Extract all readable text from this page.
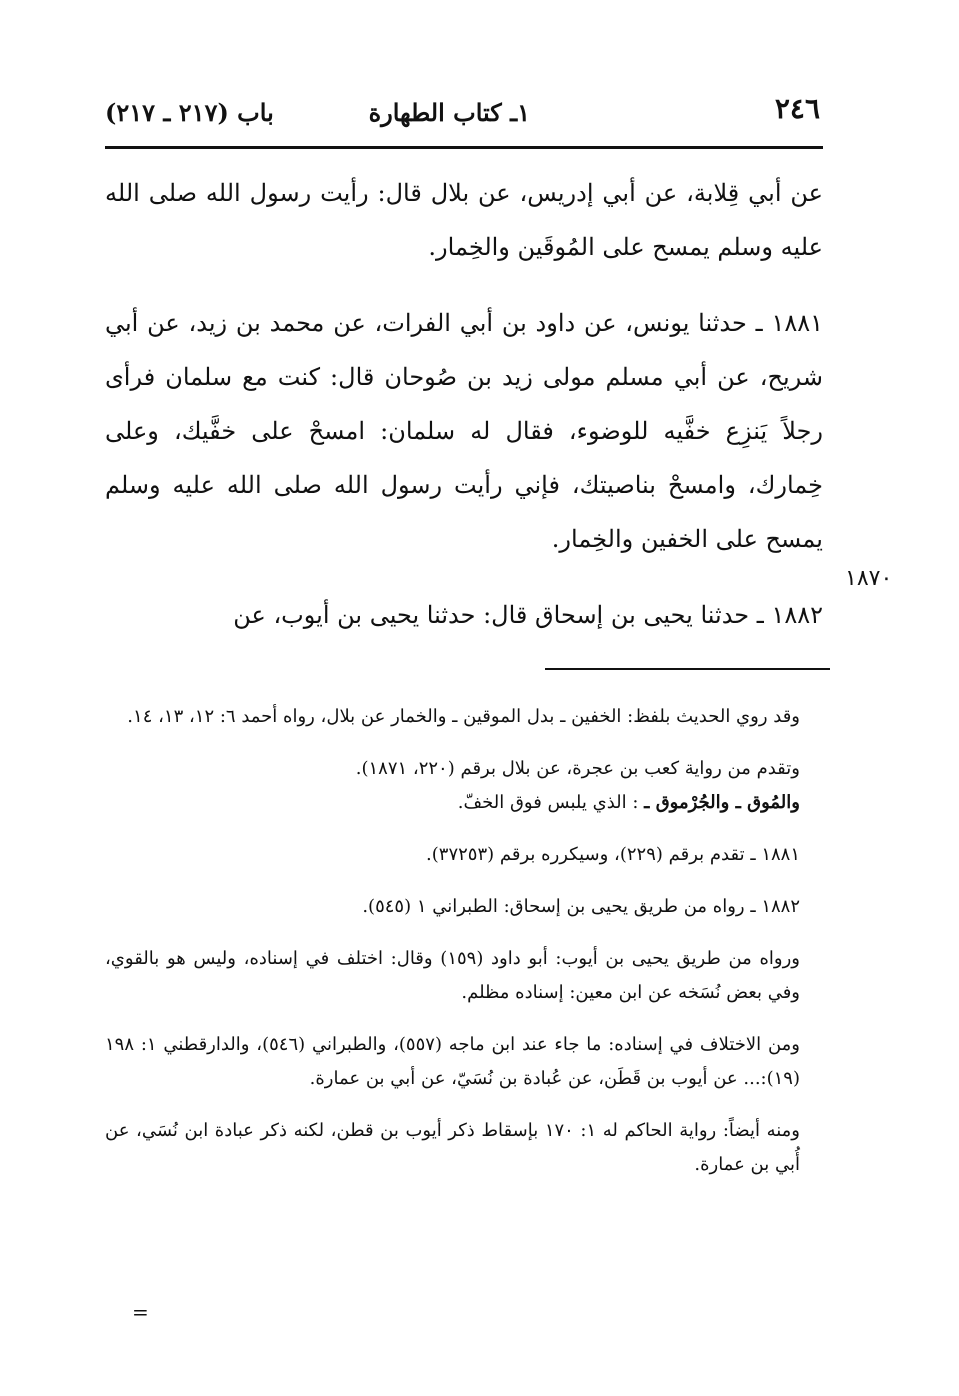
٢٤٦
١ـ كتاب الطهارة
باب (٢١٧ ـ ٢١٧)

عن أبي قِلابة، عن أبي إدريس، عن بلال قال: رأيت رسول الله صلى الله عليه وسلم يمسح على المُوقَين والخِمار.

١٨٨١ ـ حدثنا يونس، عن داود بن أبي الفرات، عن محمد بن زيد، عن أبي شريح، عن أبي مسلم مولى زيد بن صُوحان قال: كنت مع سلمان فرأى رجلاً يَنزِع خفَّيه للوضوء، فقال له سلمان: امسحْ على خفَّيك، وعلى خِمارك، وامسحْ بناصيتك، فإني رأيت رسول الله صلى الله عليه وسلم يمسح على الخفين والخِمار.

١٨٨٢ ـ حدثنا يحيى بن إسحاق قال: حدثنا يحيى بن أيوب، عن

١٨٧٠

وقد روي الحديث بلفظ: الخفين ـ بدل الموقين ـ والخمار عن بلال، رواه أحمد ٦: ١٢، ١٣، ١٤.

وتقدم من رواية كعب بن عجرة، عن بلال برقم (٢٢٠، ١٨٧١).

والمُوق ـ والجُرْموق ـ : الذي يلبس فوق الخفّ.

١٨٨١ ـ تقدم برقم (٢٢٩)، وسيكرره برقم (٣٧٢٥٣).

١٨٨٢ ـ رواه من طريق يحيى بن إسحاق: الطبراني ١ (٥٤٥).

ورواه من طريق يحيى بن أيوب: أبو داود (١٥٩) وقال: اختلف في إسناده، وليس هو بالقوي، وفي بعض نُسَخه عن ابن معين: إسناده مظلم.

ومن الاختلاف في إسناده: ما جاء عند ابن ماجه (٥٥٧)، والطبراني (٥٤٦)، والدارقطني ١: ١٩٨ (١٩):... عن أيوب بن قَطَن، عن عُبادة بن نُسَيّ، عن أبي بن عمارة.

ومنه أيضاً: رواية الحاكم له ١: ١٧٠ بإسقاط ذكر أيوب بن قطن، لكنه ذكر عبادة ابن نُسَي، عن أُبي بن عمارة.

=
